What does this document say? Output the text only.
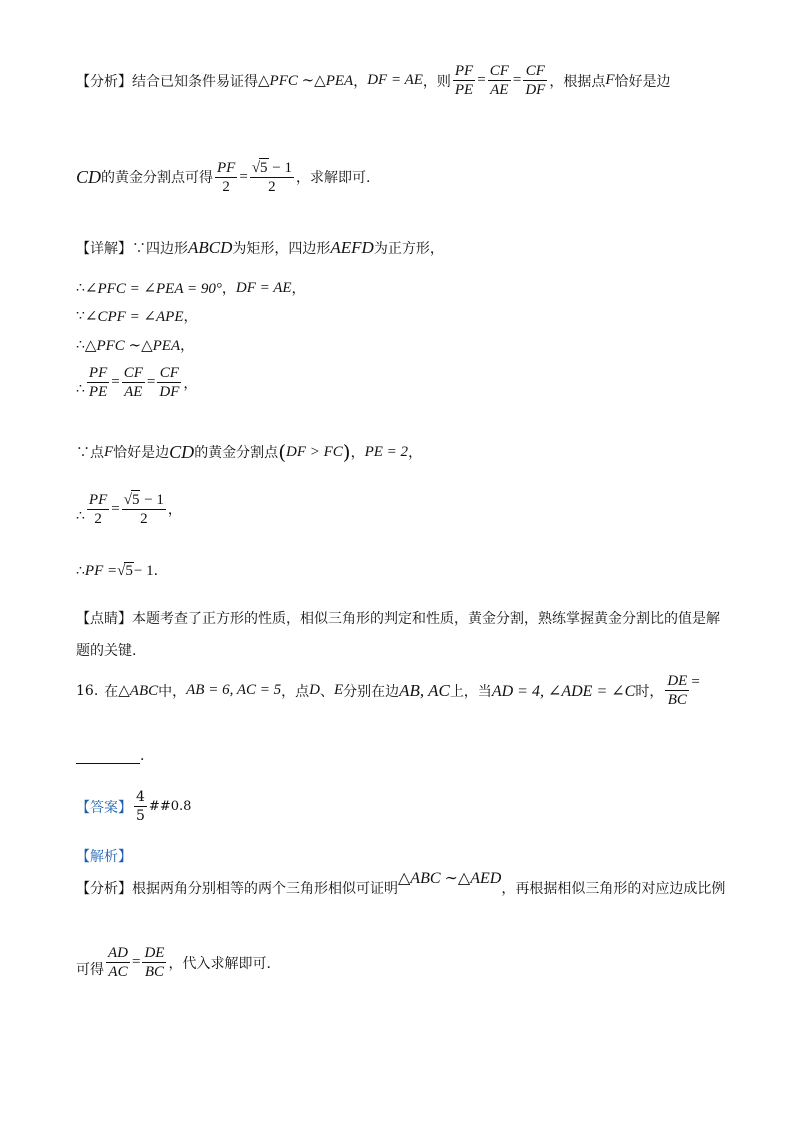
【分析】 结合已知条件易证得 △PFC ∼△PEA ， DF = AE ，则 $\frac{PF}{PE} = \frac{CF}{AE} = \frac{CF}{DF}$ ，根据点 F 恰好是边
CD 的黄金分割点可得 $\frac{PF}{2} = \frac{√ 5 - 1}{2}$ ，求解即可.
【详解】 ∵四边形 ABCD 为矩形，四边形 AEFD 为正方形，
∴ ∠PFC = ∠PEA = 90° ， DF = AE ，
∵ ∠CPF = ∠APE ，
∴ △PFC ∼△PEA ，
∴ $\frac{PF}{PE} = \frac{CF}{AE} = \frac{CF}{DF}$ ，
∵点 F 恰好是边 CD 的黄金分割点 ( DF > FC ) ， PE = 2 ，
∴ $\frac{PF}{2} = \frac{√ 5 - 1}{2}$ ，
∴ PF = √ 5 − 1 .
【点睛】 本题考查了正方形的性质，相似三角形的判定和性质，黄金分割，熟练掌握黄金分割比的值是解
题的关键.
16. 在 △ABC 中， AB = 6, AC = 5 ，点 D 、 E 分别在边 AB, AC 上，当 AD = 4, ∠ADE = ∠C 时， $\frac{DE}{BC}$ =
.
【答案】 $\frac{4}{5}$ ##0.8
【解析】
【分析】 根据两角分别相等的两个三角形相似可证明
△ABC ∼△AED
，再根据相似三角形的对应边成比例
可得 $\frac{AD}{AC} = \frac{DE}{BC}$ ，代入求解即可.
